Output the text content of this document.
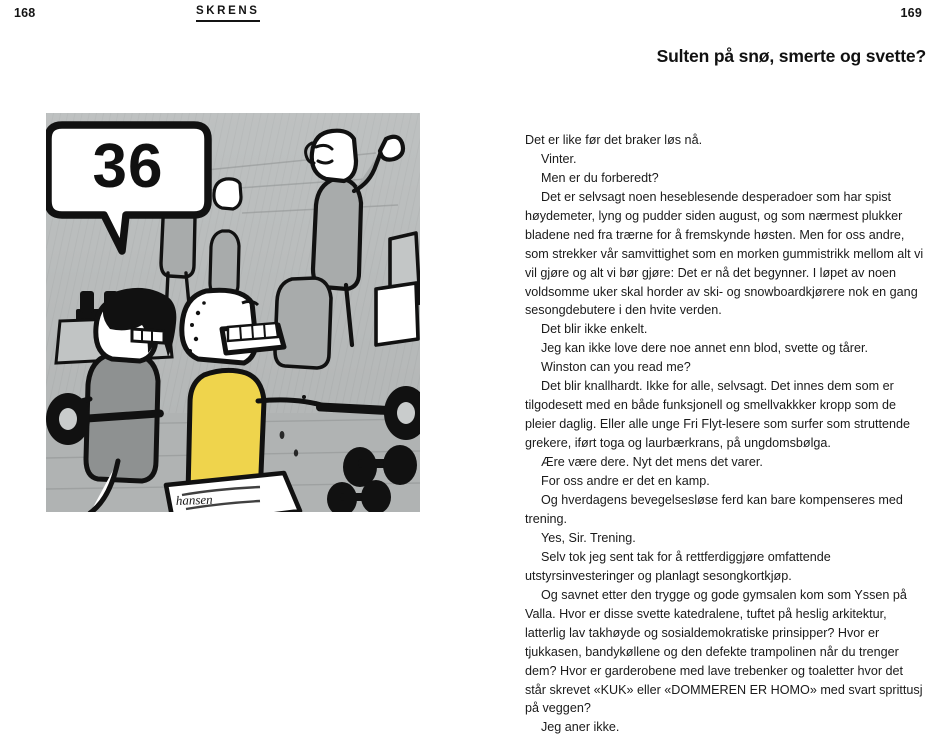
168	SKRENS	169
36
hansen
Sulten på snø, smerte og svette?

Det er like før det braker løs nå.

Vinter.

Men er du forberedt?

Det er selvsagt noen heseblesende desperadoer som har spist høydemeter, lyng og pudder siden august, og som nærmest plukker bladene ned fra trærne for å fremskynde høsten. Men for oss andre, som strekker vår samvittighet som en morken gummistrikk mellom alt vi vil gjøre og alt vi bør gjøre: Det er nå det begynner. I løpet av noen voldsomme uker skal horder av ski- og snowboardkjørere nok en gang sesongdebutere i den hvite verden.

Det blir ikke enkelt.

Jeg kan ikke love dere noe annet enn blod, svette og tårer.

Winston can you read me?

Det blir knallhardt. Ikke for alle, selvsagt. Det innes dem som er tilgodesett med en både funksjonell og smellvakkker kropp som de pleier daglig. Eller alle unge Fri Flyt-lesere som surfer som struttende grekere, iført toga og laurbærkrans, på ungdomsbølga.

Ære være dere. Nyt det mens det varer.

For oss andre er det en kamp.

Og hverdagens bevegelsesløse ferd kan bare kompenseres med trening.

Yes, Sir. Trening.

Selv tok jeg sent tak for å rettferdiggjøre omfattende utstyrsinvesteringer og planlagt sesongkortkjøp.

Og savnet etter den trygge og gode gymsalen kom som Yssen på Valla. Hvor er disse svette katedralene, tuftet på heslig arkitektur, latterlig lav takhøyde og sosialdemokratiske prinsipper? Hvor er tjukkasen, bandykøllene og den defekte trampolinen når du trenger dem? Hvor er garderobene med lave trebenker og toaletter hvor det står skrevet «KUK» eller «DOMMEREN ER HOMO» med svart sprittusj på veggen?

Jeg aner ikke.
